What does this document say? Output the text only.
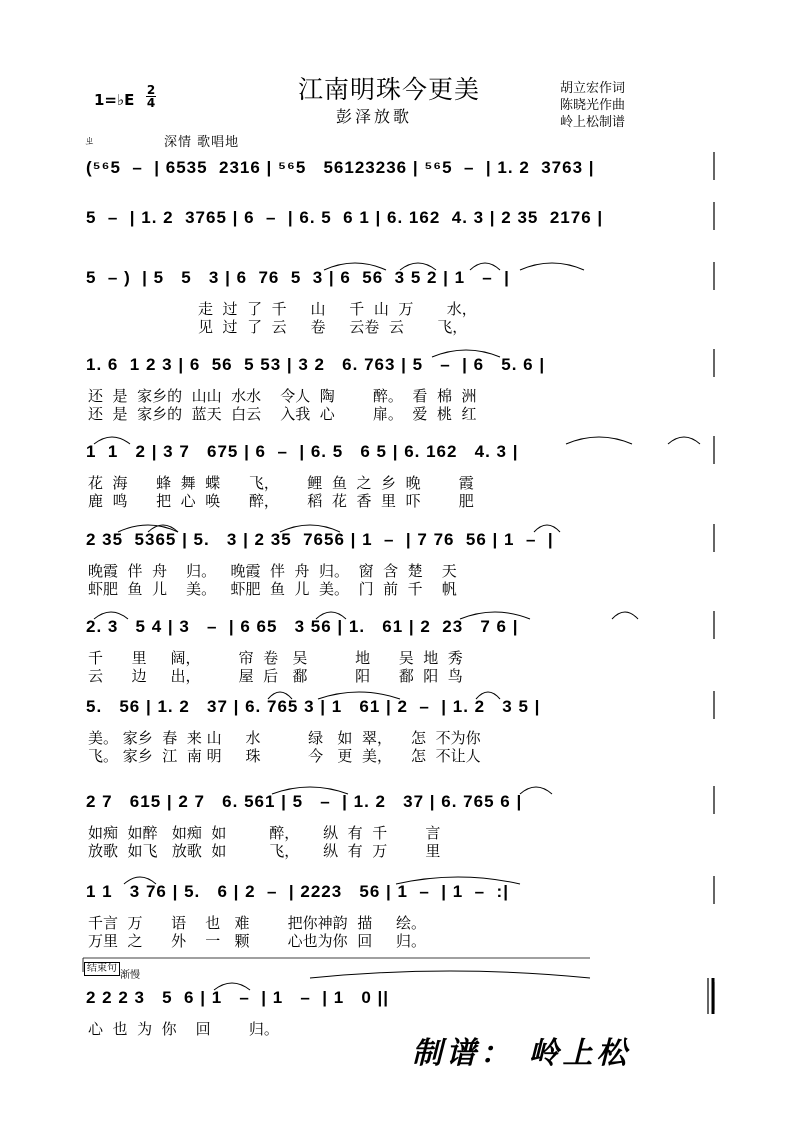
江南明珠今更美
彭泽放歌
胡立宏作词
陈晓光作曲
岭上松制谱
1=♭E
2
4
深情 歌唱地
ㄓ
(⁵⁶5  –  | 6535  2316 | ⁵⁶5   56123236 | ⁵⁶5  –  | 1. 2  3763 |
5  –  | 1. 2  3765 | 6  –  | 6. 5  6 1 | 6. 162  4. 3 | 2 35  2176 |
5  – )  | 5   5   3 | 6  76  5  3 | 6  56  3 5 2 | 1   –  |
走  过  了  千     山     千  山  万       水，
见  过  了  云     卷     云卷  云       飞，
1. 6  1 2 3 | 6  56  5 53 | 3 2   6. 763 | 5   –  | 6   5. 6 |
还  是  家乡的  山山  水水    令人  陶        醉。  看  棉  洲
还  是  家乡的  蓝天  白云    入我  心        扉。  爱  桃  红
1  1   2 | 3 7   675 | 6  –  | 6. 5   6 5 | 6. 162   4. 3 |
花  海      蜂  舞  蝶      飞，      鲤  鱼  之  乡  晚        霞
鹿  鸣      把  心  唤      醉，      稻  花  香  里  吓        肥
2 35  5365 | 5.   3 | 2 35  7656 | 1  –  | 7 76  56 | 1  –  |
晚霞  伴  舟    归。   晚霞  伴  舟  归。  窗  含  楚    天
虾肥  鱼  儿    美。   虾肥  鱼  儿  美。  门  前  千    帆
2. 3   5 4 | 3   –  | 6 65   3 56 | 1.   61 | 2  23   7 6 |
千      里     阔，        帘  卷   吴          地      吴  地  秀
云      边     出，        屋  后   鄱          阳      鄱  阳  鸟
5.   56 | 1. 2   37 | 6. 765 3 | 1   61 | 2  –  | 1. 2   3 5 |
美。 家乡  春  来 山     水          绿   如  翠，    怎  不为你
飞。 家乡  江  南 明     珠          今   更  美，    怎  不让人
2 7   615 | 2 7   6. 561 | 5   –  | 1. 2   37 | 6. 765 6 |
如痴  如醉   如痴  如         醉，     纵  有  千        言
放歌  如飞   放歌  如         飞，     纵  有  万        里
1 1   3 76 | 5.   6 | 2  –  | 2223   56 | 1  –  | 1  –  :|
千言  万      语    也   难        把你神韵  描     绘。
万里  之      外    一   颗        心也为你  回     归。
2 2 2 3   5  6 | 1   –  | 1   –  | 1   0 ||
心  也  为  你    回        归。
结束句
渐慢
制谱： 岭上松
